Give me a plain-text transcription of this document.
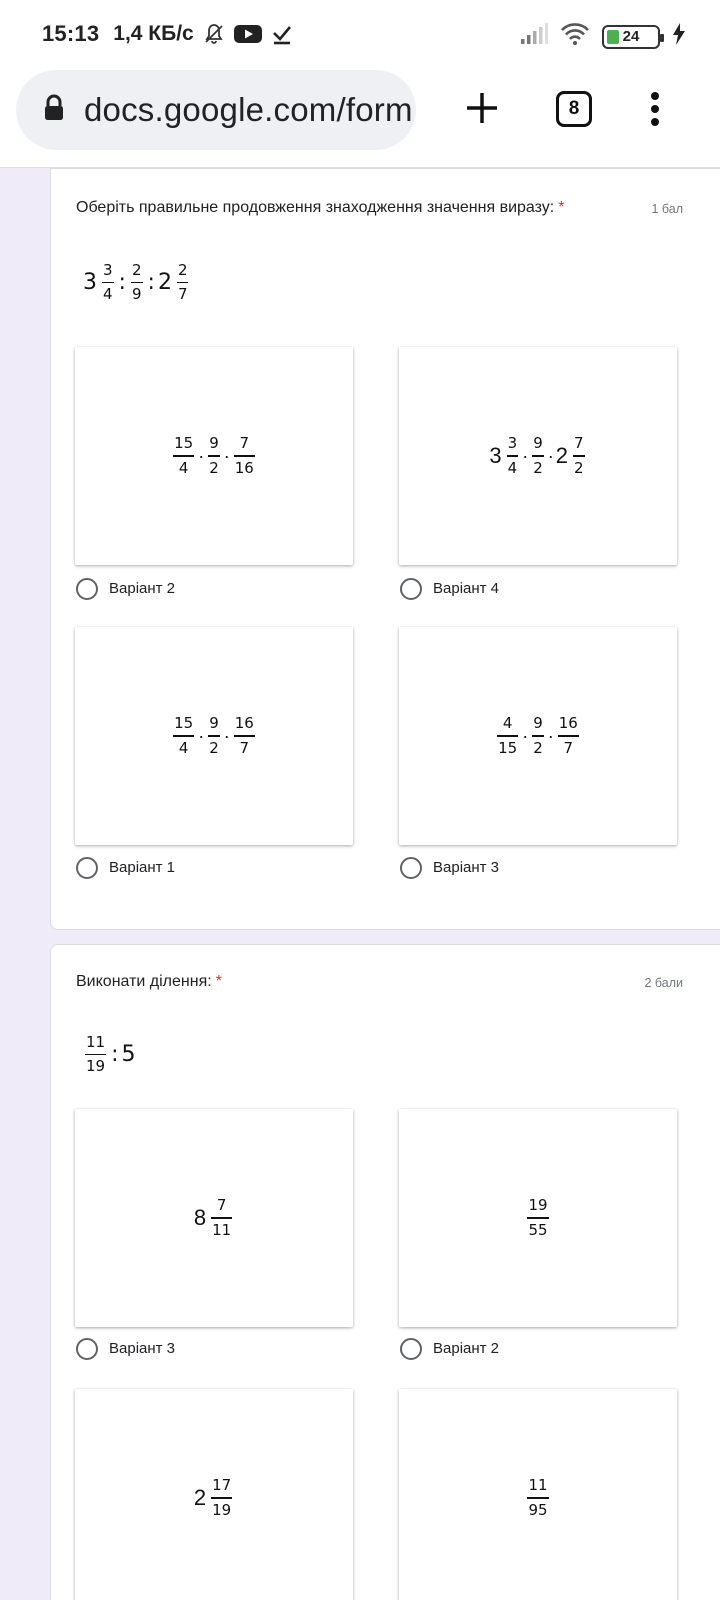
15:13 1,4 КБ/с	24
docs.google.com/form	8
Оберіть правильне продовження знаходження значення виразу: *	1 бал
$3 \frac{3}{4}$ : $\frac{2}{9}$ : $2 \frac{2}{7}$
$\frac{15}{4} \cdot \frac{9}{2} \cdot \frac{7}{16}$
Варіант 2
$3 \frac{3}{4} \cdot \frac{9}{2} \cdot 2 \frac{7}{2}$
Варіант 4
$\frac{15}{4} \cdot \frac{9}{2} \cdot \frac{16}{7}$
Варіант 1
$\frac{4}{15} \cdot \frac{9}{2} \cdot \frac{16}{7}$
Варіант 3
Виконати ділення: *	2 бали
$\frac{11}{19}$ : 5
$8 \frac{7}{11}$
Варіант 3
$\frac{19}{55}$
Варіант 2
$2 \frac{17}{19}$	$\frac{11}{95}$
